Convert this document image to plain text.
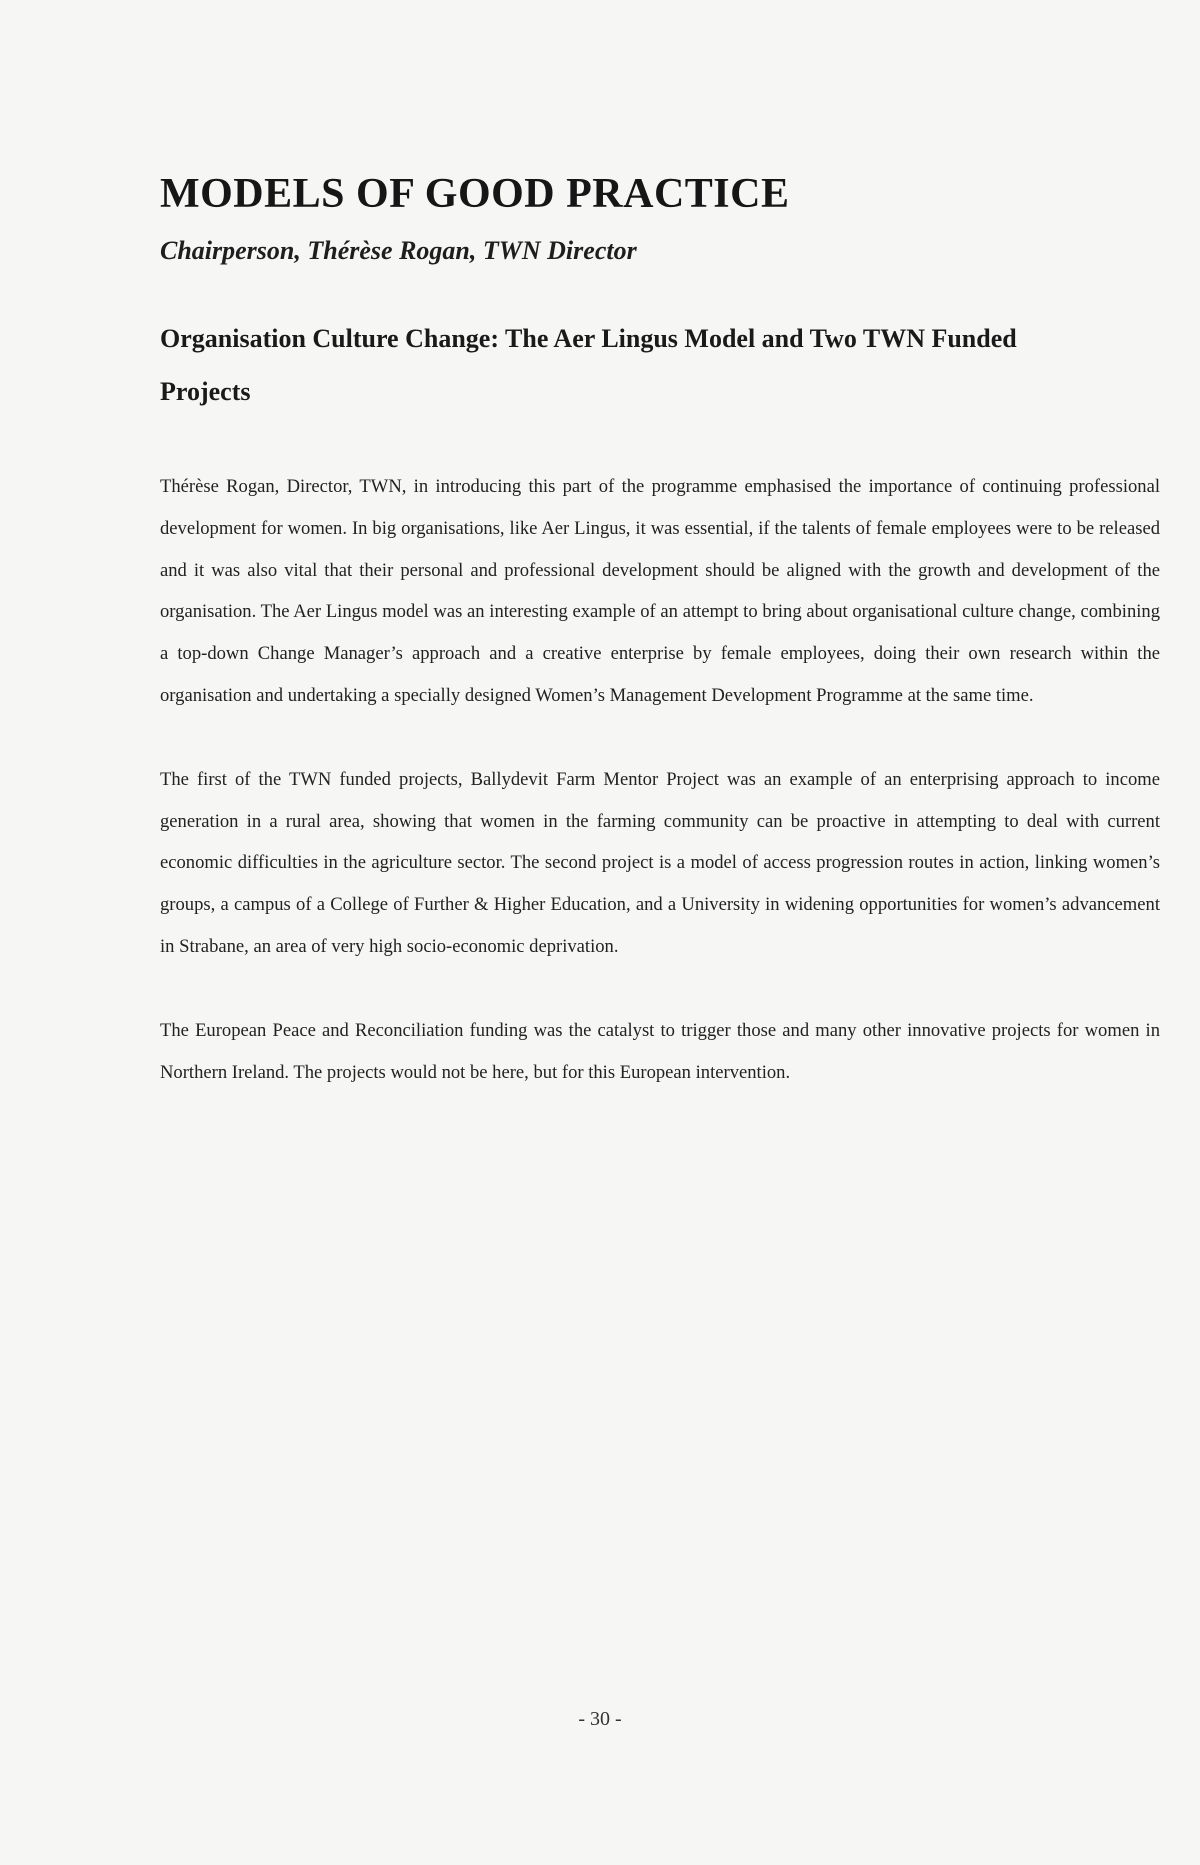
MODELS OF GOOD PRACTICE
Chairperson, Thérèse Rogan, TWN Director
Organisation Culture Change: The Aer Lingus Model and Two TWN Funded Projects

Thérèse Rogan, Director, TWN, in introducing this part of the programme emphasised the importance of continuing professional development for women. In big organisations, like Aer Lingus, it was essential, if the talents of female employees were to be released and it was also vital that their personal and professional development should be aligned with the growth and development of the organisation. The Aer Lingus model was an interesting example of an attempt to bring about organisational culture change, combining a top-down Change Manager’s approach and a creative enterprise by female employees, doing their own research within the organisation and undertaking a specially designed Women’s Management Development Programme at the same time.

The first of the TWN funded projects, Ballydevit Farm Mentor Project was an example of an enterprising approach to income generation in a rural area, showing that women in the farming community can be proactive in attempting to deal with current economic difficulties in the agriculture sector. The second project is a model of access progression routes in action, linking women’s groups, a campus of a College of Further & Higher Education, and a University in widening opportunities for women’s advancement in Strabane, an area of very high socio-economic deprivation.

The European Peace and Reconciliation funding was the catalyst to trigger those and many other innovative projects for women in Northern Ireland. The projects would not be here, but for this European intervention.

- 30 -
